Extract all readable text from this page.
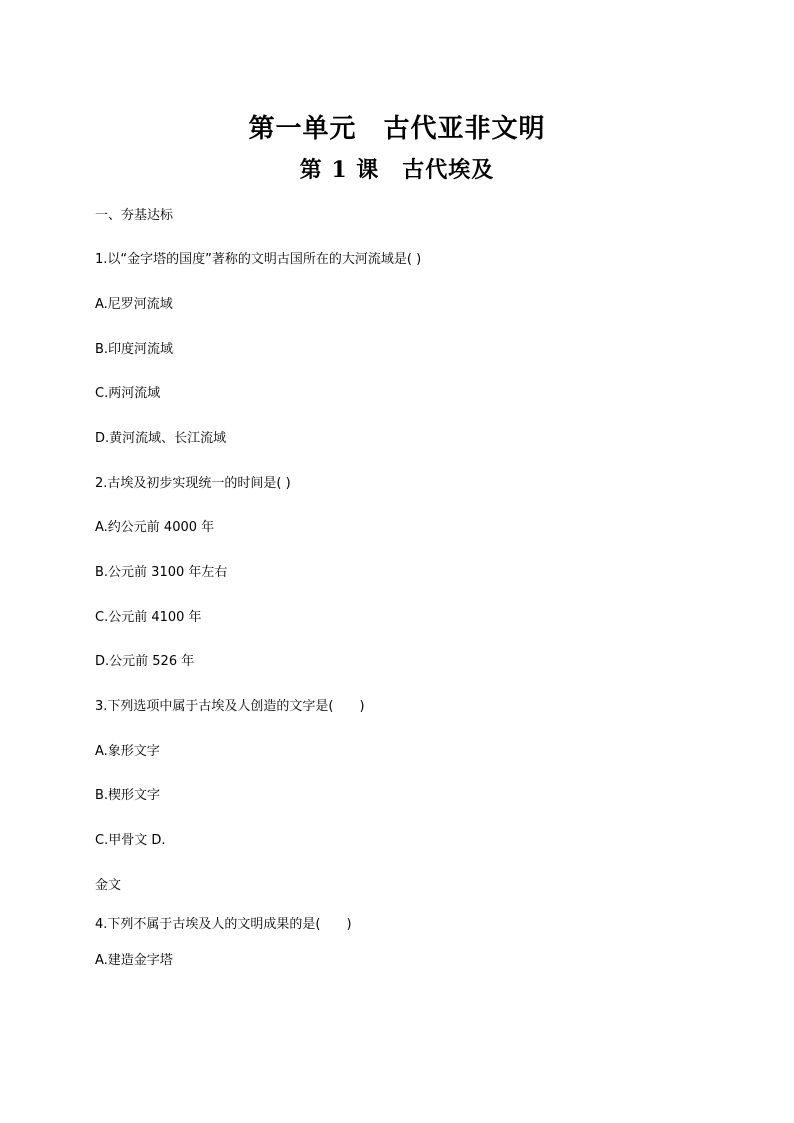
第一单元　古代亚非文明
第 1 课　古代埃及
一、夯基达标
1.以“金字塔的国度”著称的文明古国所在的大河流域是( )
A.尼罗河流域
B.印度河流域
C.两河流域
D.黄河流域、长江流域
2.古埃及初步实现统一的时间是( )
A.约公元前 4000 年
B.公元前 3100 年左右
C.公元前 4100 年
D.公元前 526 年
3.下列选项中属于古埃及人创造的文字是(　　)
A.象形文字
B.楔形文字
C.甲骨文 D.
金文
4.下列不属于古埃及人的文明成果的是(　　)
A.建造金字塔
